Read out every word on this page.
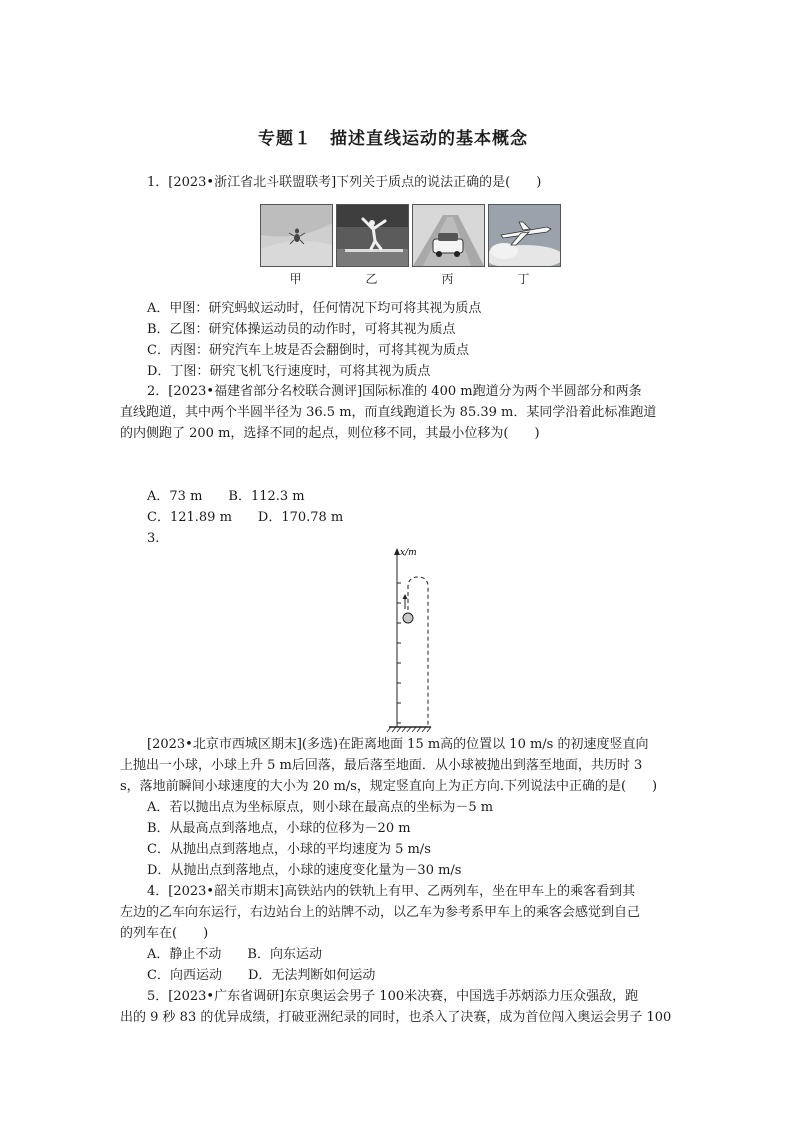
专题１　描述直线运动的基本概念
1．[2023•浙江省北斗联盟联考]下列关于质点的说法正确的是(　　)
甲	乙	丙	丁
A．甲图：研究蚂蚁运动时，任何情况下均可将其视为质点
B．乙图：研究体操运动员的动作时，可将其视为质点
C．丙图：研究汽车上坡是否会翻倒时，可将其视为质点
D．丁图：研究飞机飞行速度时，可将其视为质点
2．[2023•福建省部分名校联合测评]国际标准的 400 m跑道分为两个半圆部分和两条
直线跑道，其中两个半圆半径为 36.5 m，而直线跑道长为 85.39 m．某同学沿着此标准跑道
的内侧跑了 200 m，选择不同的起点，则位移不同，其最小位移为(　　)
A．73 m　　B．112.3 m
C．121.89 m　　D．170.78 m
3.
x/m
[2023•北京市西城区期末](多选)在距离地面 15 m高的位置以 10 m/s 的初速度竖直向
上抛出一小球，小球上升 5 m后回落，最后落至地面．从小球被抛出到落至地面，共历时 3
s，落地前瞬间小球速度的大小为 20 m/s，规定竖直向上为正方向.下列说法中正确的是(　　)
A．若以抛出点为坐标原点，则小球在最高点的坐标为－5 m
B．从最高点到落地点，小球的位移为－20 m
C．从抛出点到落地点，小球的平均速度为 5 m/s
D．从抛出点到落地点，小球的速度变化量为－30 m/s
4．[2023•韶关市期末]高铁站内的铁轨上有甲、乙两列车，坐在甲车上的乘客看到其
左边的乙车向东运行，右边站台上的站牌不动，以乙车为参考系甲车上的乘客会感觉到自己
的列车在(　　)
A．静止不动　　B．向东运动
C．向西运动　　D．无法判断如何运动
5．[2023•广东省调研]东京奥运会男子 100米决赛，中国选手苏炳添力压众强敌，跑
出的 9 秒 83 的优异成绩，打破亚洲纪录的同时，也杀入了决赛，成为首位闯入奥运会男子 100
